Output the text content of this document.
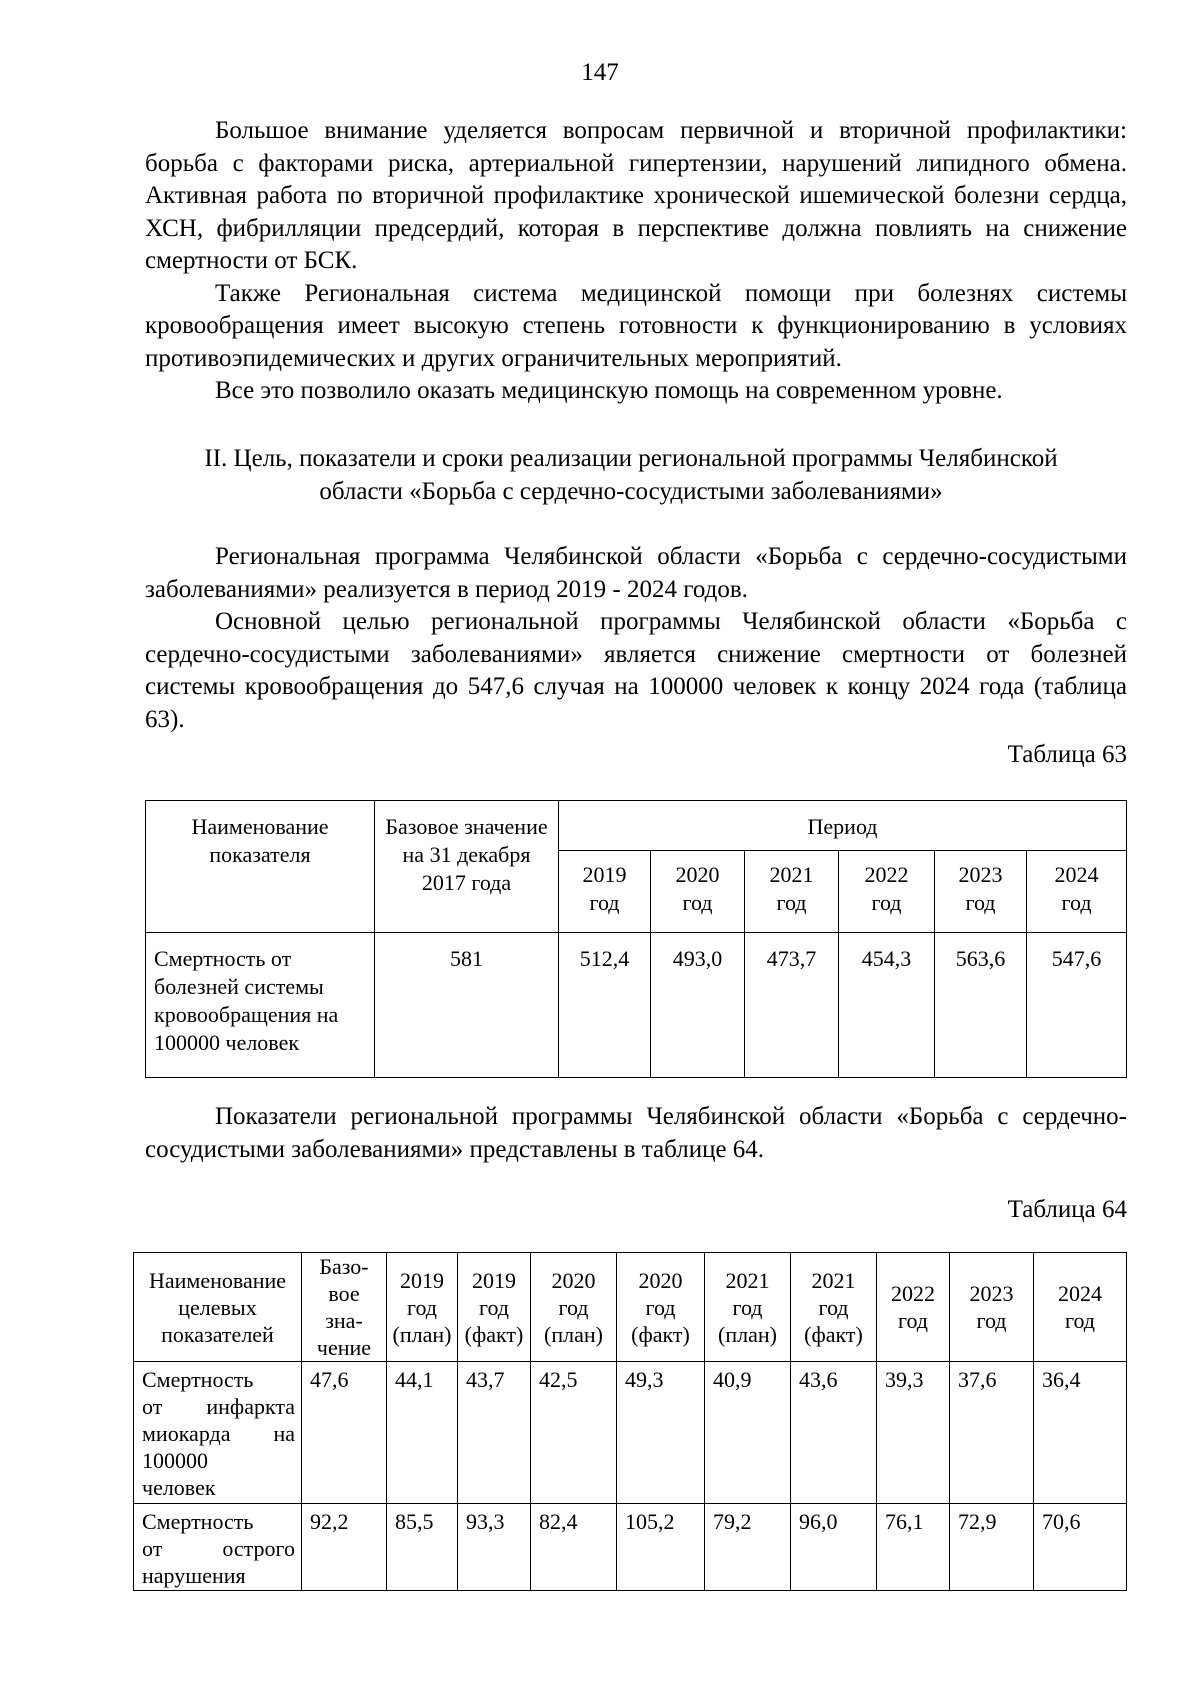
147

Большое внимание уделяется вопросам первичной и вторичной профилактики: борьба с факторами риска, артериальной гипертензии, нарушений липидного обмена. Активная работа по вторичной профилактике хронической ишемической болезни сердца, ХСН, фибрилляции предсердий, которая в перспективе должна повлиять на снижение смертности от БСК.

Также Региональная система медицинской помощи при болезнях системы кровообращения имеет высокую степень готовности к функционированию в условиях противоэпидемических и других ограничительных мероприятий.

Все это позволило оказать медицинскую помощь на современном уровне.

II. Цель, показатели и сроки реализации региональной программы Челябинской
области «Борьба с сердечно-сосудистыми заболеваниями»

Региональная программа Челябинской области «Борьба с сердечно-сосудистыми заболеваниями» реализуется в период 2019 - 2024 годов.

Основной целью региональной программы Челябинской области «Борьба с сердечно-сосудистыми заболеваниями» является снижение смертности от болезней системы кровообращения до 547,6 случая на 100000 человек к концу 2024 года (таблица 63).

Таблица 63
Наименование показателя	Базовое значение на 31 декабря 2017 года	Период					
		2019 год	2020 год	2021 год	2022 год	2023 год	2024 год

Смертность от
болезней системы
кровообращения на
100000 человек	581	512,4	493,0	473,7	454,3	563,6	547,6

Показатели региональной программы Челябинской области «Борьба с сердечно-сосудистыми заболеваниями» представлены в таблице 64.

Таблица 64
Наименование целевых показателей	Базо-вое зна-чение	2019 год (план)	2019 год (факт)	2020 год (план)	2020 год (факт)	2021 год (план)	2021 год (факт)	2022 год	2023 год	2024 год

Смертность
от инфаркта
миокарда на
100000
человек	47,6	44,1	43,7	42,5	49,3	40,9	43,6	39,3	37,6	36,4

Смертность
от острого
нарушения	92,2	85,5	93,3	82,4	105,2	79,2	96,0	76,1	72,9	70,6
